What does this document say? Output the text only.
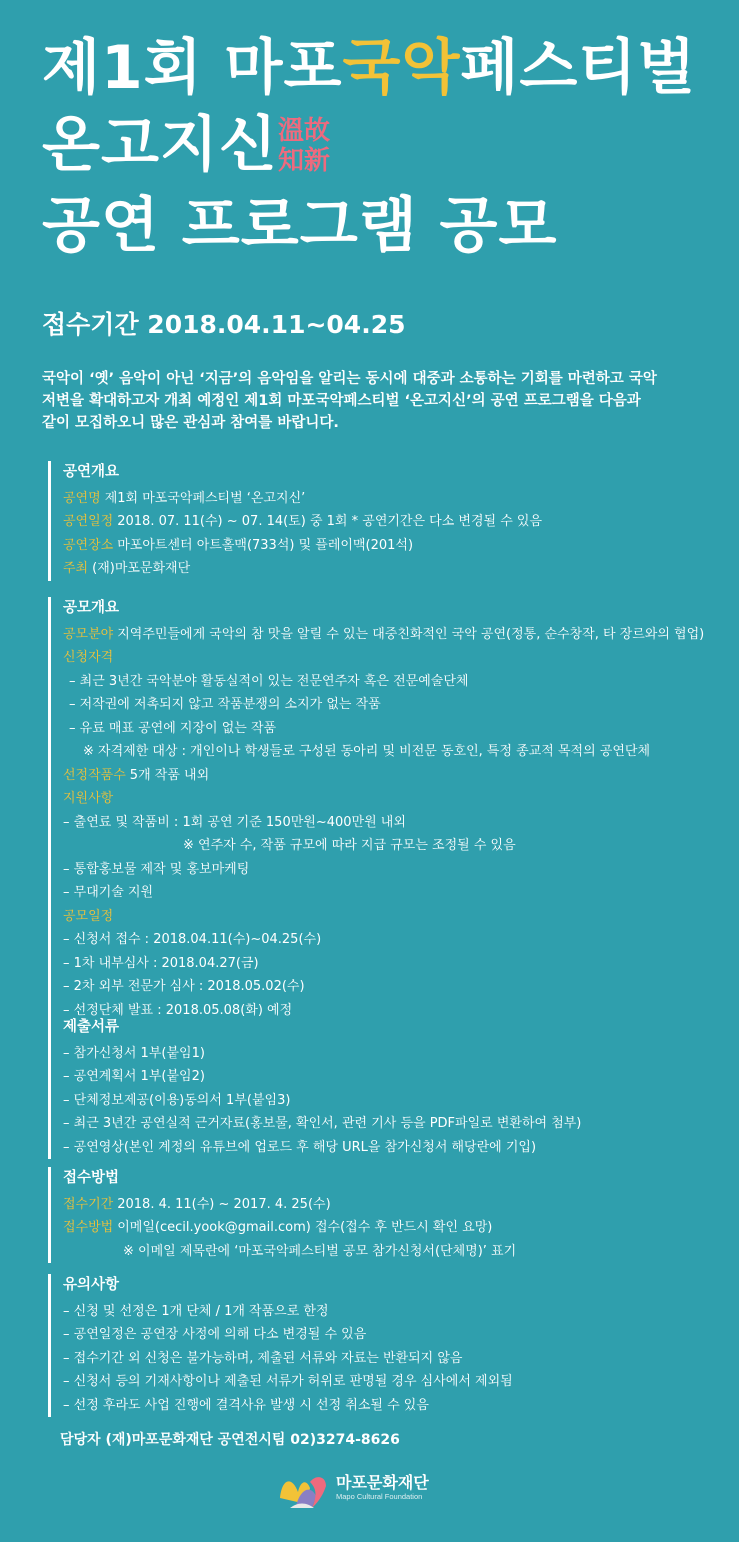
제1회 마포국악페스티벌
온고지신 溫故
知新
공연 프로그램 공모
접수기간 2018.04.11~04.25

국악이 ‘옛’ 음악이 아닌 ‘지금’의 음악임을 알리는 동시에 대중과 소통하는 기회를 마련하고 국악

저변을 확대하고자 개최 예정인 제1회 마포국악페스티벌 ‘온고지신’의 공연 프로그램을 다음과

같이 모집하오니 많은 관심과 참여를 바랍니다.

공연개요
공연명 제1회 마포국악페스티벌 ‘온고지신’
공연일정 2018. 07. 11(수) ~ 07. 14(토) 중 1회 * 공연기간은 다소 변경될 수 있음
공연장소 마포아트센터 아트홀맥(733석) 및 플레이맥(201석)
주최 (재)마포문화재단
공모개요
공모분야 지역주민들에게 국악의 참 맛을 알릴 수 있는 대중친화적인 국악 공연(정통, 순수창작, 타 장르와의 협업)
신청자격
– 최근 3년간 국악분야 활동실적이 있는 전문연주자 혹은 전문예술단체
– 저작권에 저촉되지 않고 작품분쟁의 소지가 없는 작품
– 유료 매표 공연에 지장이 없는 작품
※ 자격제한 대상 : 개인이나 학생들로 구성된 동아리 및 비전문 동호인, 특정 종교적 목적의 공연단체
선정작품수 5개 작품 내외
지원사항
– 출연료 및 작품비 : 1회 공연 기준 150만원~400만원 내외
※ 연주자 수, 작품 규모에 따라 지급 규모는 조정될 수 있음
– 통합홍보물 제작 및 홍보마케팅
– 무대기술 지원
공모일정
– 신청서 접수 : 2018.04.11(수)~04.25(수)
– 1차 내부심사 : 2018.04.27(금)
– 2차 외부 전문가 심사 : 2018.05.02(수)
– 선정단체 발표 : 2018.05.08(화) 예정
제출서류
– 참가신청서 1부(붙임1)
– 공연계획서 1부(붙임2)
– 단체정보제공(이용)동의서 1부(붙임3)
– 최근 3년간 공연실적 근거자료(홍보물, 확인서, 관련 기사 등을 PDF파일로 변환하여 첨부)
– 공연영상(본인 계정의 유튜브에 업로드 후 해당 URL을 참가신청서 해당란에 기입)
접수방법
접수기간 2018. 4. 11(수) ~ 2017. 4. 25(수)
접수방법 이메일(cecil.yook@gmail.com) 접수(접수 후 반드시 확인 요망)
※ 이메일 제목란에 ‘마포국악페스티벌 공모 참가신청서(단체명)’ 표기
유의사항
– 신청 및 선정은 1개 단체 / 1개 작품으로 한정
– 공연일정은 공연장 사정에 의해 다소 변경될 수 있음
– 접수기간 외 신청은 불가능하며, 제출된 서류와 자료는 반환되지 않음
– 신청서 등의 기재사항이나 제출된 서류가 허위로 판명될 경우 심사에서 제외됨
– 선정 후라도 사업 진행에 결격사유 발생 시 선정 취소될 수 있음
담당자 (재)마포문화재단 공연전시팀 02)3274-8626
마포문화재단
Mapo Cultural Foundation
